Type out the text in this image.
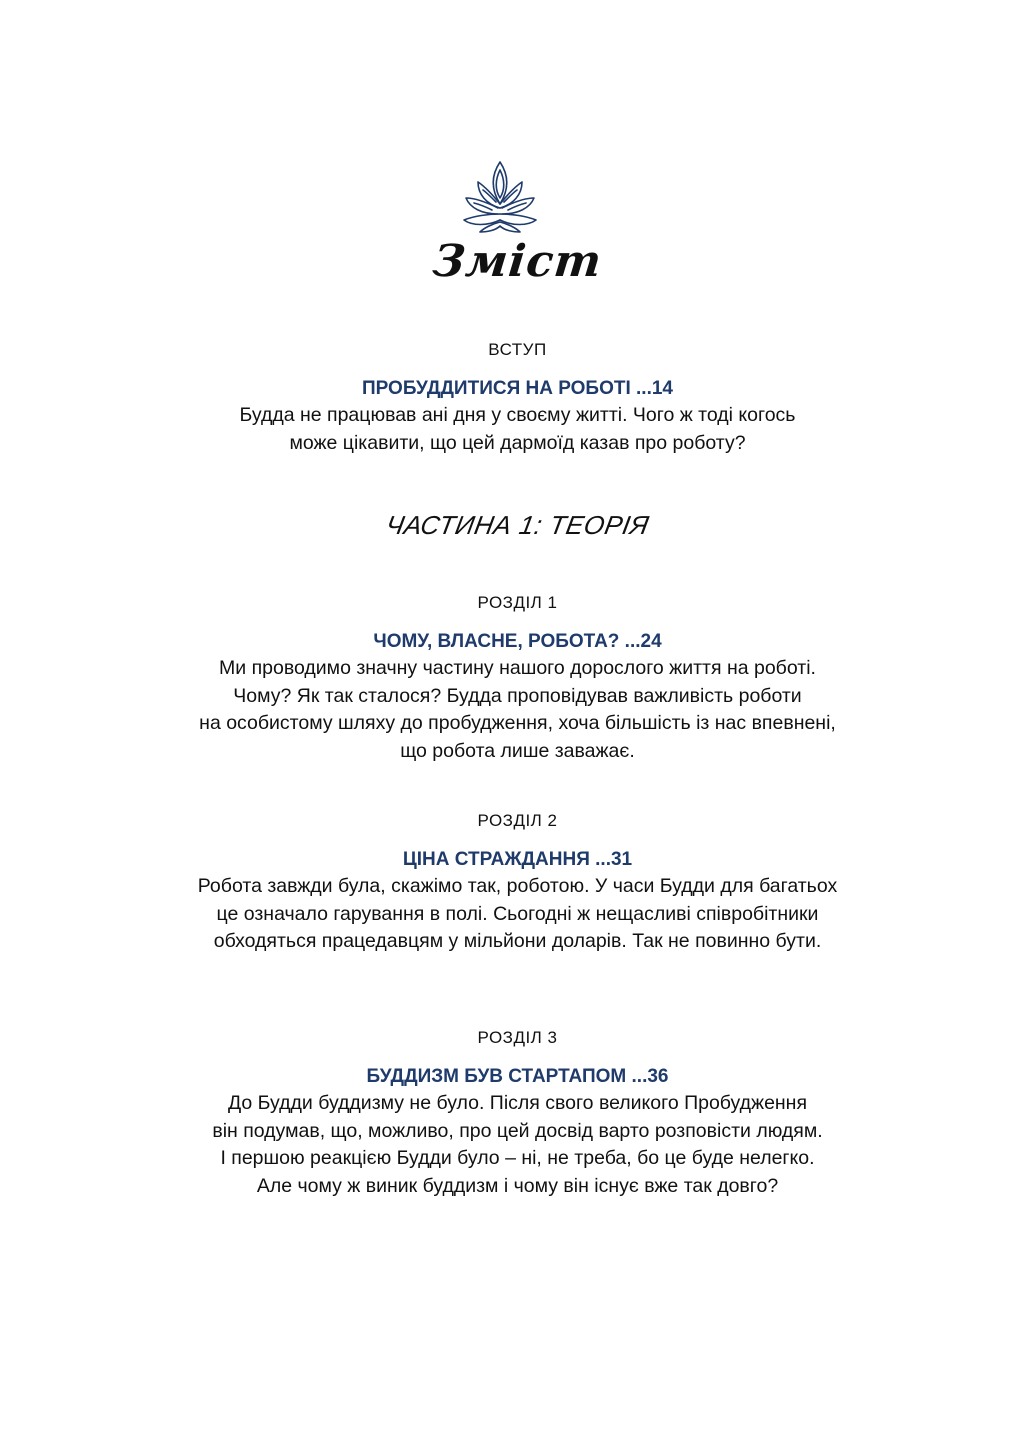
Зміст
ВСТУП
ПРОБУДДИТИСЯ НА РОБОТІ ...14
Будда не працював ані дня у своєму житті. Чого ж тоді когось
може цікавити, що цей дармоїд казав про роботу?
ЧАСТИНА 1: ТЕОРІЯ
РОЗДІЛ 1
ЧОМУ, ВЛАСНЕ, РОБОТА? ...24
Ми проводимо значну частину нашого дорослого життя на роботі.
Чому? Як так сталося? Будда проповідував важливість роботи
на особистому шляху до пробудження, хоча більшість із нас впевнені,
що робота лише заважає.
РОЗДІЛ 2
ЦІНА СТРАЖДАННЯ ...31
Робота завжди була, скажімо так, роботою. У часи Будди для багатьох
це означало гарування в полі. Сьогодні ж нещасливі співробітники
обходяться працедавцям у мільйони доларів. Так не повинно бути.
РОЗДІЛ 3
БУДДИЗМ БУВ СТАРТАПОМ ...36
До Будди буддизму не було. Після свого великого Пробудження
він подумав, що, можливо, про цей досвід варто розповісти людям.
І першою реакцією Будди було – ні, не треба, бо це буде нелегко.
Але чому ж виник буддизм і чому він існує вже так довго?
